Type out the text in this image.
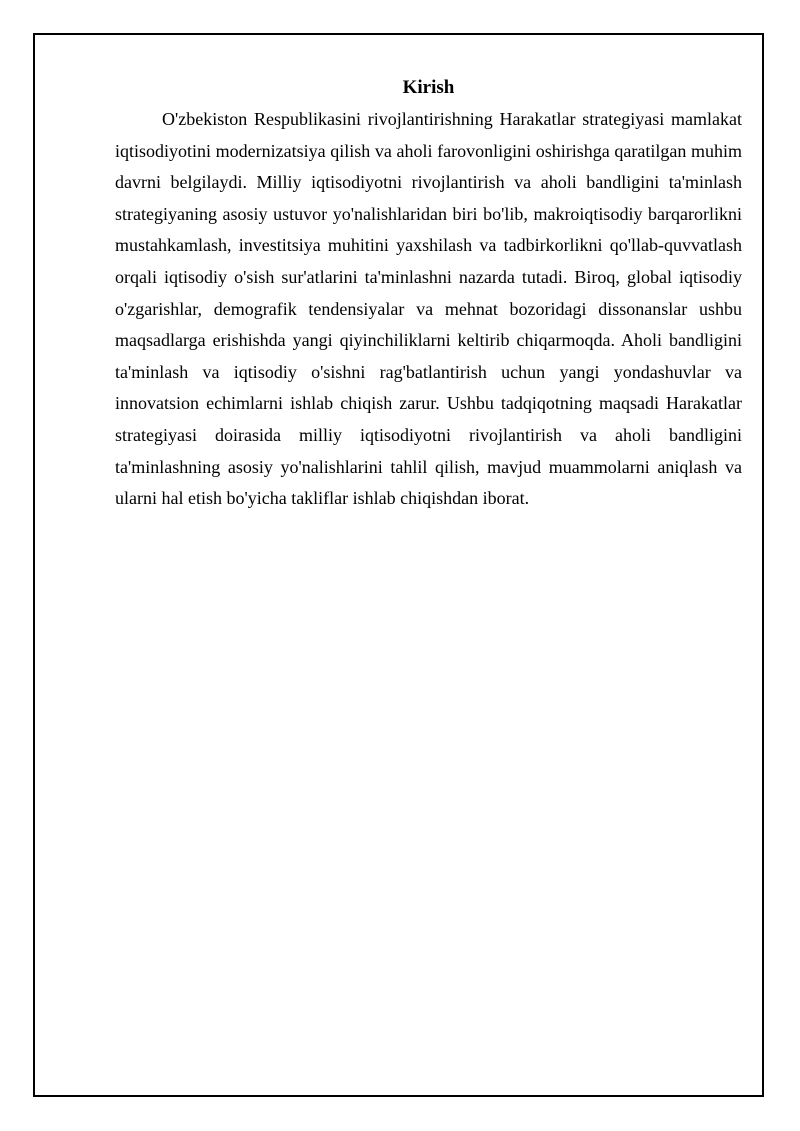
Kirish

O'zbekiston Respublikasini rivojlantirishning Harakatlar strategiyasi mamlakat iqtisodiyotini modernizatsiya qilish va aholi farovonligini oshirishga qaratilgan muhim davrni belgilaydi. Milliy iqtisodiyotni rivojlantirish va aholi bandligini ta'minlash strategiyaning asosiy ustuvor yo'nalishlaridan biri bo'lib, makroiqtisodiy barqarorlikni mustahkamlash, investitsiya muhitini yaxshilash va tadbirkorlikni qo'llab-quvvatlash orqali iqtisodiy o'sish sur'atlarini ta'minlashni nazarda tutadi. Biroq, global iqtisodiy o'zgarishlar, demografik tendensiyalar va mehnat bozoridagi dissonanslar ushbu maqsadlarga erishishda yangi qiyinchiliklarni keltirib chiqarmoqda. Aholi bandligini ta'minlash va iqtisodiy o'sishni rag'batlantirish uchun yangi yondashuvlar va innovatsion echimlarni ishlab chiqish zarur. Ushbu tadqiqotning maqsadi Harakatlar strategiyasi doirasida milliy iqtisodiyotni rivojlantirish va aholi bandligini ta'minlashning asosiy yo'nalishlarini tahlil qilish, mavjud muammolarni aniqlash va ularni hal etish bo'yicha takliflar ishlab chiqishdan iborat.
